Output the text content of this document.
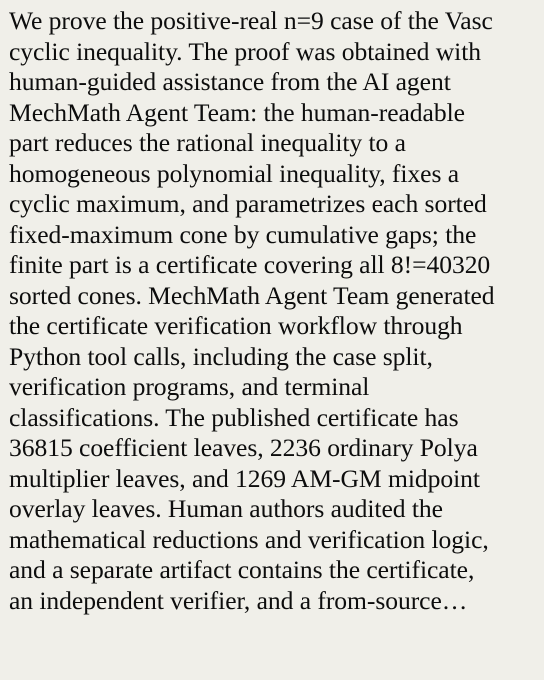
We prove the positive-real n=9 case of the Vasc
cyclic inequality. The proof was obtained with
human-guided assistance from the AI agent
MechMath Agent Team: the human-readable
part reduces the rational inequality to a
homogeneous polynomial inequality, fixes a
cyclic maximum, and parametrizes each sorted
fixed-maximum cone by cumulative gaps; the
finite part is a certificate covering all 8!=40320
sorted cones. MechMath Agent Team generated
the certificate verification workflow through
Python tool calls, including the case split,
verification programs, and terminal
classifications. The published certificate has
36815 coefficient leaves, 2236 ordinary Polya
multiplier leaves, and 1269 AM-GM midpoint
overlay leaves. Human authors audited the
mathematical reductions and verification logic,
and a separate artifact contains the certificate,
an independent verifier, and a from-source…
